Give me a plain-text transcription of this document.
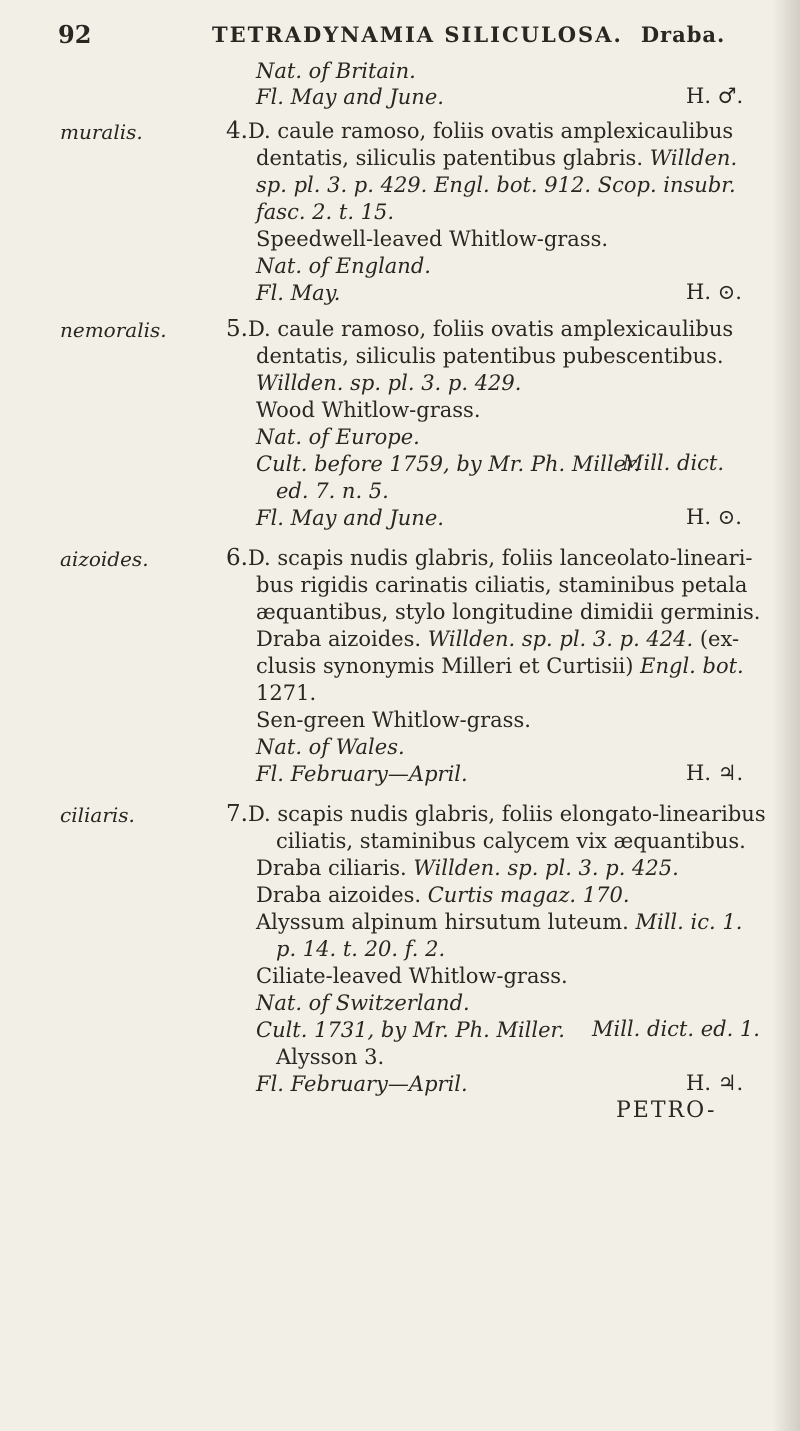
92	TETRADYNAMIA SILICULOSA. Draba.
Nat. of Britain.
Fl. May and June.	H. ♂.
muralis.	4.D. caule ramoso, foliis ovatis amplexicaulibus
dentatis, siliculis patentibus glabris. Willden.
sp. pl. 3. p. 429. Engl. bot. 912. Scop. insubr.
fasc. 2. t. 15.
Speedwell-leaved Whitlow-grass.
Nat. of England.
Fl. May.	H. ⊙.
nemoralis.	5.D. caule ramoso, foliis ovatis amplexicaulibus
dentatis, siliculis patentibus pubescentibus.
Willden. sp. pl. 3. p. 429.
Wood Whitlow-grass.
Nat. of Europe.
Cult. before 1759, by Mr. Ph. Miller.
Mill. dict.
ed. 7. n. 5.
Fl. May and June.	H. ⊙.
aizoides.	6.D. scapis nudis glabris, foliis lanceolato-lineari-
bus rigidis carinatis ciliatis, staminibus petala
æquantibus, stylo longitudine dimidii germinis.
Draba aizoides. Willden. sp. pl. 3. p. 424. (ex-
clusis synonymis Milleri et Curtisii) Engl. bot.
1271.
Sen-green Whitlow-grass.
Nat. of Wales.
Fl. February—April.	H. ♃.
ciliaris.	7.D. scapis nudis glabris, foliis elongato-linearibus
ciliatis, staminibus calycem vix æquantibus.
Draba ciliaris. Willden. sp. pl. 3. p. 425.
Draba aizoides. Curtis magaz. 170.
Alyssum alpinum hirsutum luteum. Mill. ic. 1.
p. 14. t. 20. f. 2.
Ciliate-leaved Whitlow-grass.
Nat. of Switzerland.
Cult. 1731, by Mr. Ph. Miller. Mill. dict. ed. 1.
Alysson 3.
Fl. February—April.	H. ♃.
PETRO-
